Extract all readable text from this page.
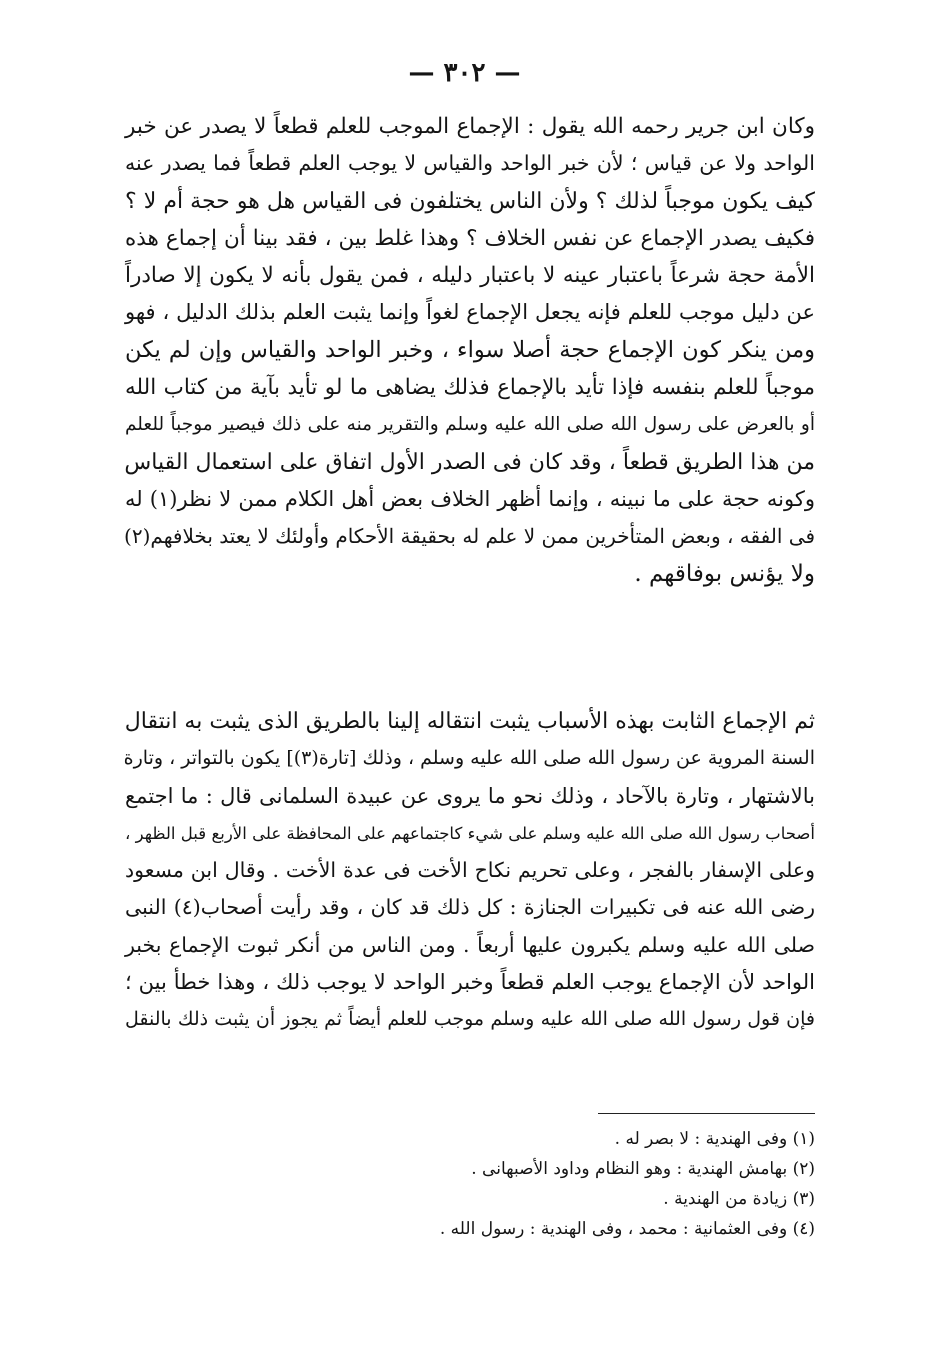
— ٣٠٢ —
وكان ابن جرير رحمه الله يقول : الإجماع الموجب للعلم قطعاً لا يصدر عن خبر
الواحد ولا عن قياس ؛ لأن خبر الواحد والقياس لا يوجب العلم قطعاً فما يصدر عنه
كيف يكون موجباً لذلك ؟ ولأن الناس يختلفون فى القياس هل هو حجة أم لا ؟
فكيف يصدر الإجماع عن نفس الخلاف ؟ وهذا غلط بين ، فقد بينا أن إجماع هذه
الأمة حجة شرعاً باعتبار عينه لا باعتبار دليله ، فمن يقول بأنه لا يكون إلا صادراً
عن دليل موجب للعلم فإنه يجعل الإجماع لغواً وإنما يثبت العلم بذلك الدليل ، فهو
ومن ينكر كون الإجماع حجة أصلا سواء ، وخبر الواحد والقياس وإن لم يكن
موجباً للعلم بنفسه فإذا تأيد بالإجماع فذلك يضاهى ما لو تأيد بآية من كتاب الله
أو بالعرض على رسول الله صلى الله عليه وسلم والتقرير منه على ذلك فيصير موجباً للعلم
من هذا الطريق قطعاً ، وقد كان فى الصدر الأول اتفاق على استعمال القياس
وكونه حجة على ما نبينه ، وإنما أظهر الخلاف بعض أهل الكلام ممن لا نظر(١) له
فى الفقه ، وبعض المتأخرين ممن لا علم له بحقيقة الأحكام وأولئك لا يعتد بخلافهم(٢)
ولا يؤنس بوفاقهم .
ثم الإجماع الثابت بهذه الأسباب يثبت انتقاله إلينا بالطريق الذى يثبت به انتقال
السنة المروية عن رسول الله صلى الله عليه وسلم ، وذلك [تارة(٣)] يكون بالتواتر ، وتارة
بالاشتهار ، وتارة بالآحاد ، وذلك نحو ما يروى عن عبيدة السلمانى قال : ما اجتمع
أصحاب رسول الله صلى الله عليه وسلم على شيء كاجتماعهم على المحافظة على الأربع قبل الظهر ،
وعلى الإسفار بالفجر ، وعلى تحريم نكاح الأخت فى عدة الأخت . وقال ابن مسعود
رضى الله عنه فى تكبيرات الجنازة : كل ذلك قد كان ، وقد رأيت أصحاب(٤) النبى
صلى الله عليه وسلم يكبرون عليها أربعاً . ومن الناس من أنكر ثبوت الإجماع بخبر
الواحد لأن الإجماع يوجب العلم قطعاً وخبر الواحد لا يوجب ذلك ، وهذا خطأ بين ؛
فإن قول رسول الله صلى الله عليه وسلم موجب للعلم أيضاً ثم يجوز أن يثبت ذلك بالنقل
(١) وفى الهندية : لا بصر له .
(٢) بهامش الهندية : وهو النظام وداود الأصبهانى .
(٣) زيادة من الهندية .
(٤) وفى العثمانية : محمد ، وفى الهندية : رسول الله .
